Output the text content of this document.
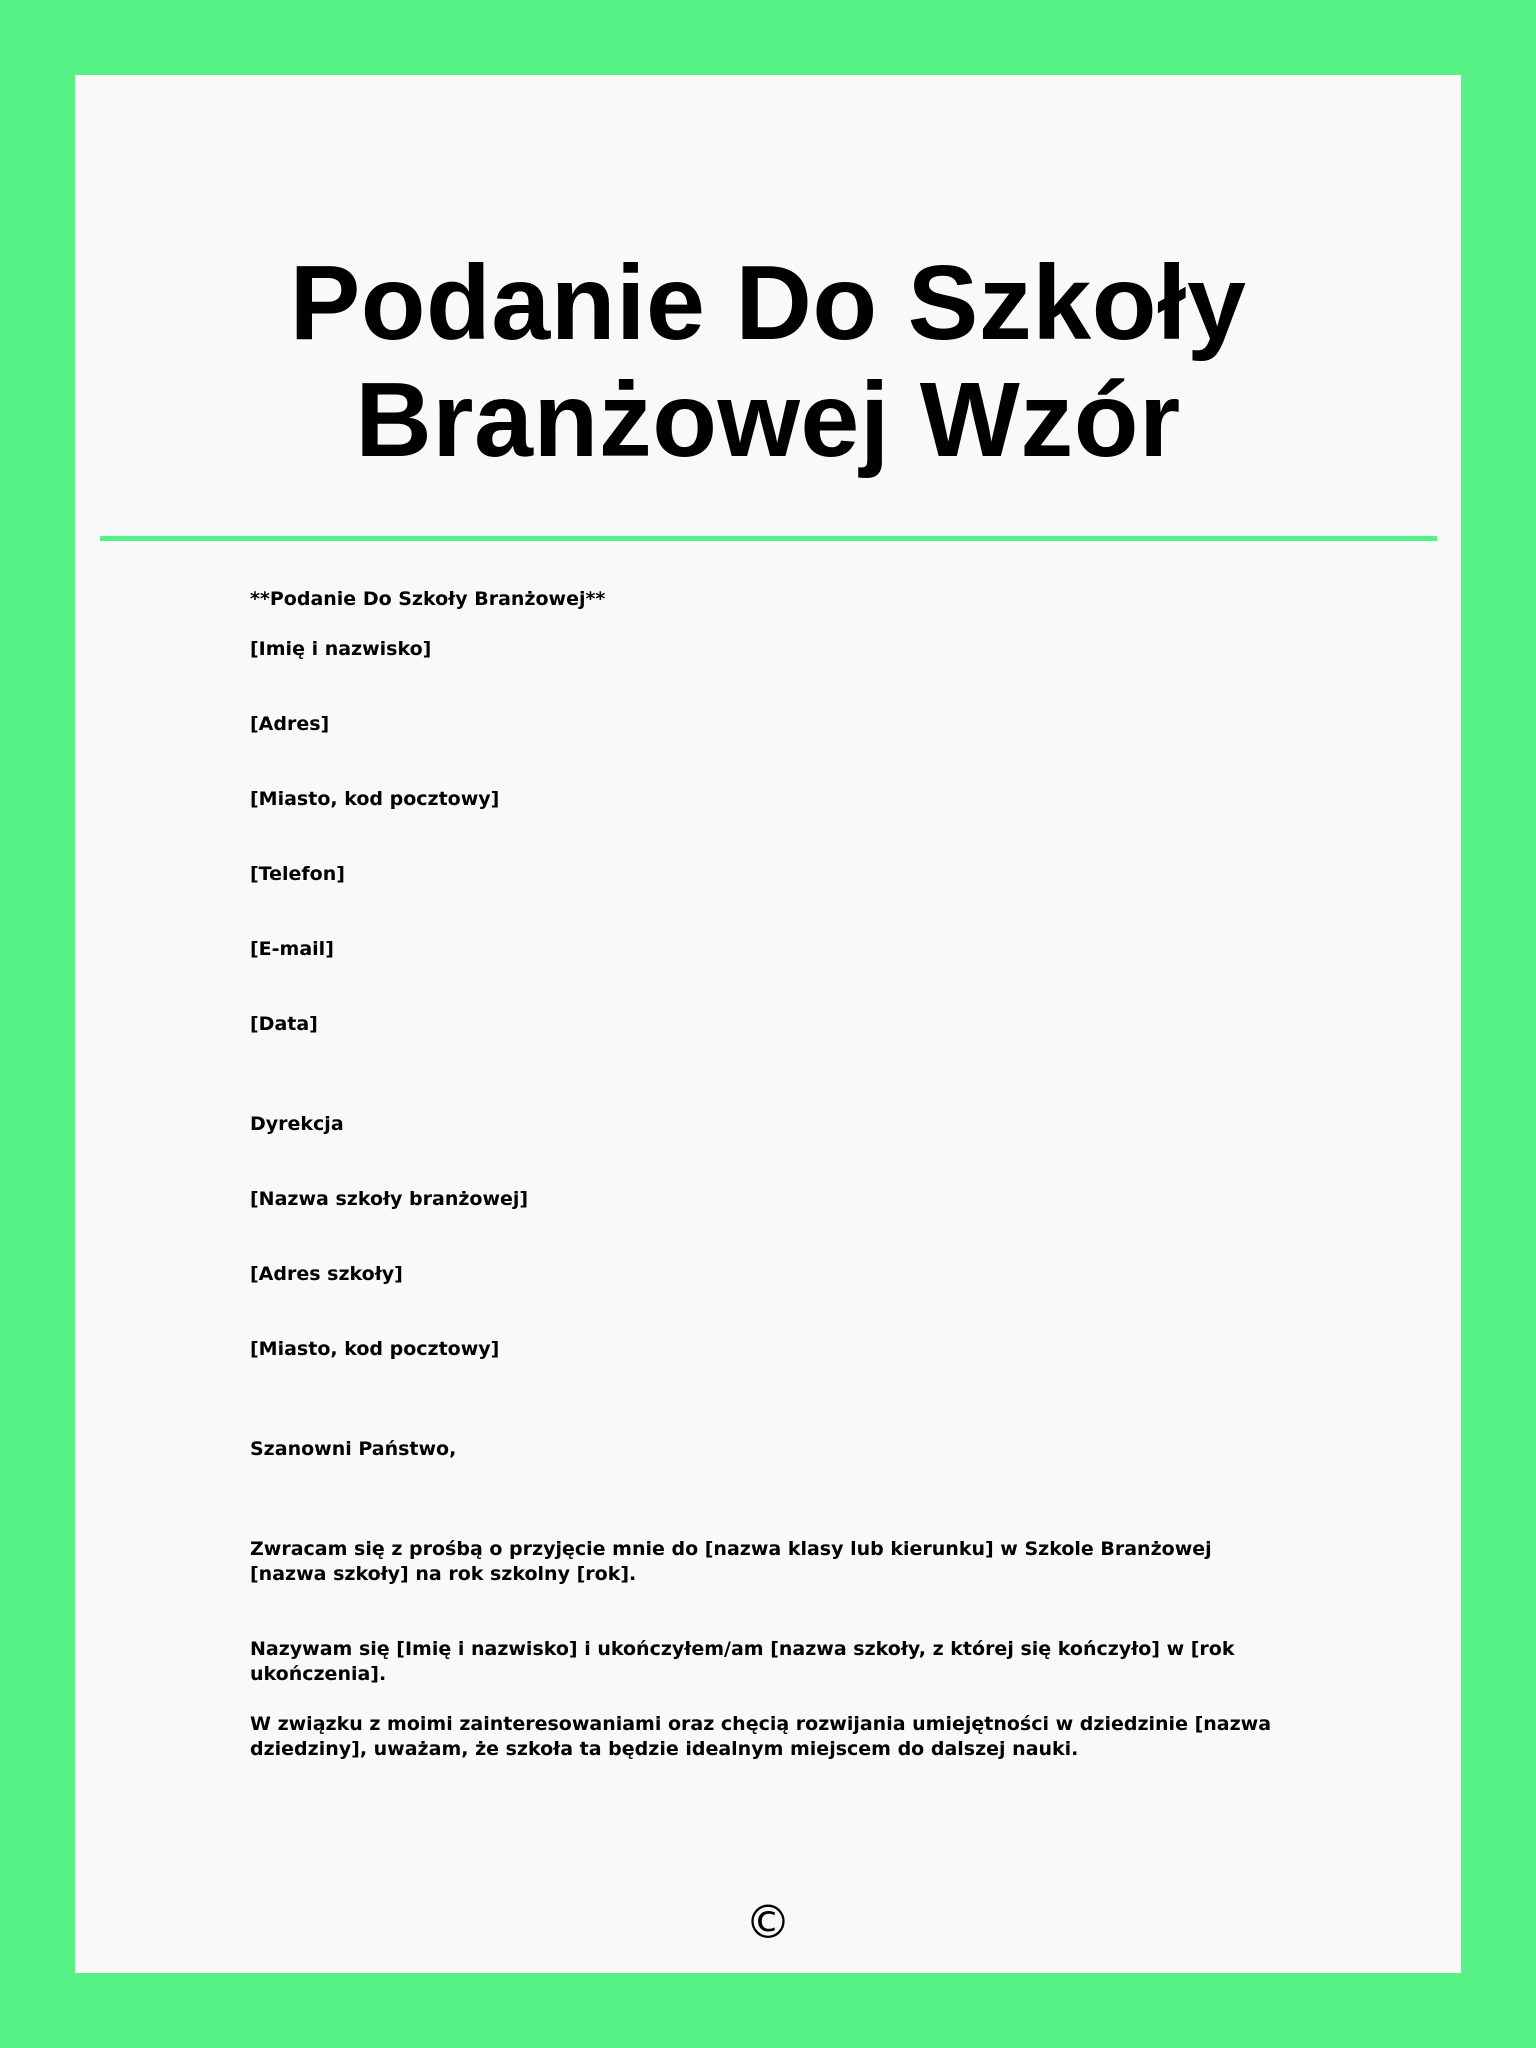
Podanie Do Szkoły Branżowej Wzór

**Podanie Do Szkoły Branżowej**

[Imię i nazwisko]

[Adres]

[Miasto, kod pocztowy]

[Telefon]

[E-mail]

[Data]

Dyrekcja

[Nazwa szkoły branżowej]

[Adres szkoły]

[Miasto, kod pocztowy]

Szanowni Państwo,

Zwracam się z prośbą o przyjęcie mnie do [nazwa klasy lub kierunku] w Szkole Branżowej [nazwa szkoły] na rok szkolny [rok].

Nazywam się [Imię i nazwisko] i ukończyłem/am [nazwa szkoły, z której się kończyło] w [rok ukończenia].

W związku z moimi zainteresowaniami oraz chęcią rozwijania umiejętności w dziedzinie [nazwa dziedziny], uważam, że szkoła ta będzie idealnym miejscem do dalszej nauki.

©
